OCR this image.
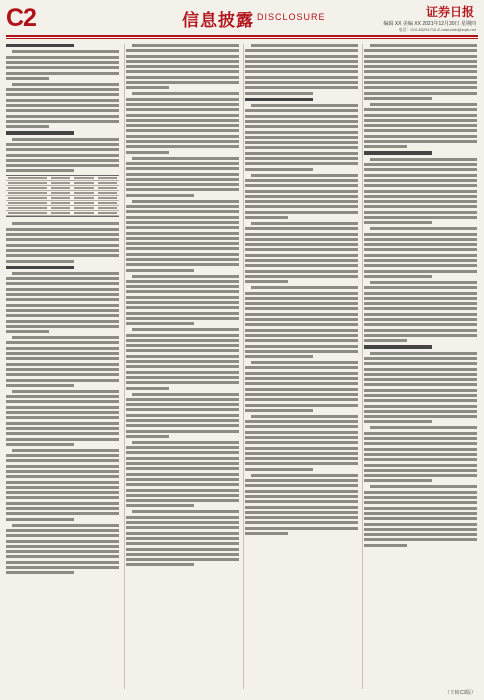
C2	信息披露 DISCLOSURE	证券日报
编辑 XX 美编 XX 2021年12月30日 星期四
电话：010-83251716 E-mail:zmb@zqrb.net
（下转C3版）
